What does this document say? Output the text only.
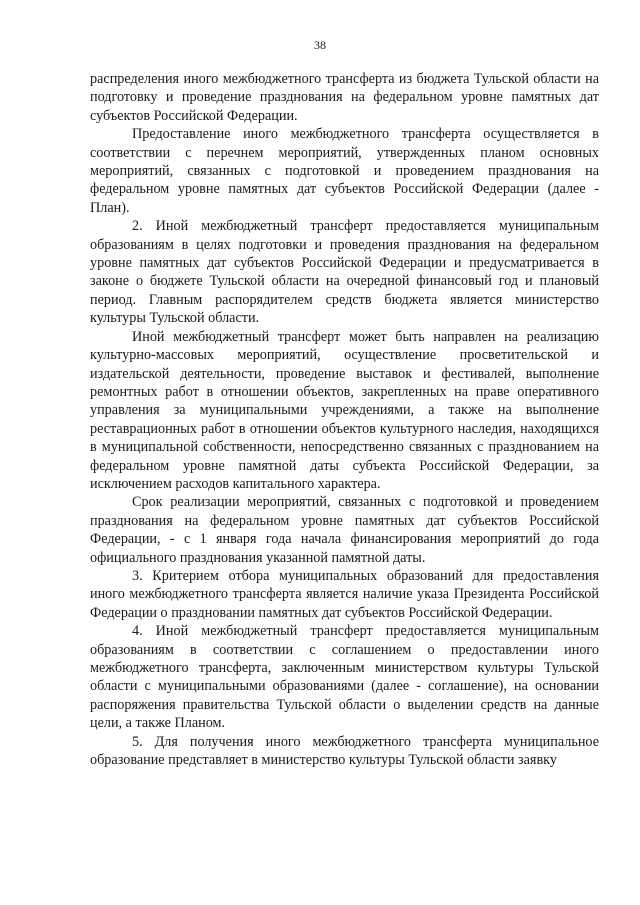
38

распределения иного межбюджетного трансферта из бюджета Тульской области на подготовку и проведение празднования на федеральном уровне памятных дат субъектов Российской Федерации.

Предоставление иного межбюджетного трансферта осуществляется в соответствии с перечнем мероприятий, утвержденных планом основных мероприятий, связанных с подготовкой и проведением празднования на федеральном уровне памятных дат субъектов Российской Федерации (далее - План).

2. Иной межбюджетный трансферт предоставляется муниципальным образованиям в целях подготовки и проведения празднования на федеральном уровне памятных дат субъектов Российской Федерации и предусматривается в законе о бюджете Тульской области на очередной финансовый год и плановый период. Главным распорядителем средств бюджета является министерство культуры Тульской области.

Иной межбюджетный трансферт может быть направлен на реализацию культурно-массовых мероприятий, осуществление просветительской и издательской деятельности, проведение выставок и фестивалей, выполнение ремонтных работ в отношении объектов, закрепленных на праве оперативного управления за муниципальными учреждениями, а также на выполнение реставрационных работ в отношении объектов культурного наследия, находящихся в муниципальной собственности, непосредственно связанных с празднованием на федеральном уровне памятной даты субъекта Российской Федерации, за исключением расходов капитального характера.

Срок реализации мероприятий, связанных с подготовкой и проведением празднования на федеральном уровне памятных дат субъектов Российской Федерации, - с 1 января года начала финансирования мероприятий до года официального празднования указанной памятной даты.

3. Критерием отбора муниципальных образований для предоставления иного межбюджетного трансферта является наличие указа Президента Российской Федерации о праздновании памятных дат субъектов Российской Федерации.

4. Иной межбюджетный трансферт предоставляется муниципальным образованиям в соответствии с соглашением о предоставлении иного межбюджетного трансферта, заключенным министерством культуры Тульской области с муниципальными образованиями (далее - соглашение), на основании распоряжения правительства Тульской области о выделении средств на данные цели, а также Планом.

5. Для получения иного межбюджетного трансферта муниципальное образование представляет в министерство культуры Тульской области заявку
